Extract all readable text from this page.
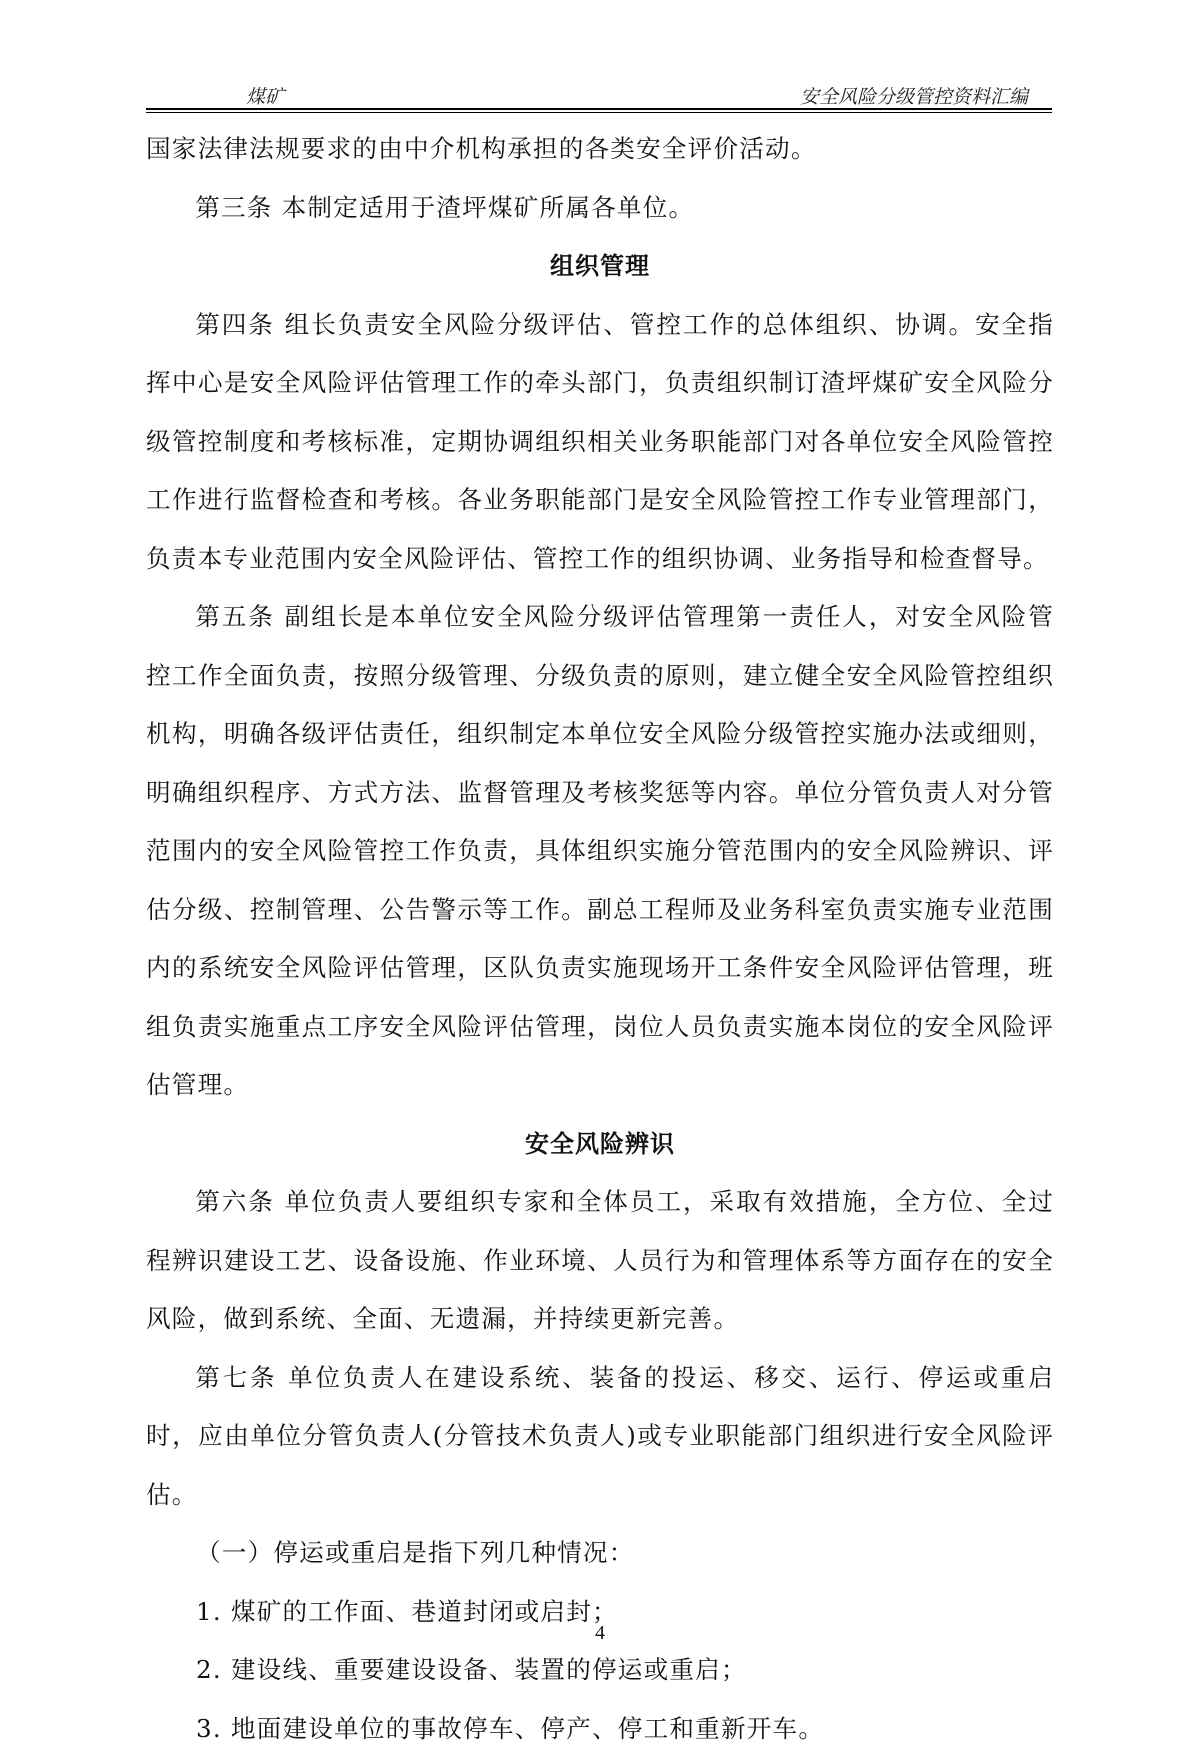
煤矿	安全风险分级管控资料汇编

国家法律法规要求的由中介机构承担的各类安全评价活动。

第三条 本制定适用于渣坪煤矿所属各单位。

组织管理

第四条 组长负责安全风险分级评估、管控工作的总体组织、协调。安全指挥中心是安全风险评估管理工作的牵头部门，负责组织制订渣坪煤矿安全风险分级管控制度和考核标准，定期协调组织相关业务职能部门对各单位安全风险管控工作进行监督检查和考核。各业务职能部门是安全风险管控工作专业管理部门，负责本专业范围内安全风险评估、管控工作的组织协调、业务指导和检查督导。

第五条 副组长是本单位安全风险分级评估管理第一责任人，对安全风险管控工作全面负责，按照分级管理、分级负责的原则，建立健全安全风险管控组织机构，明确各级评估责任，组织制定本单位安全风险分级管控实施办法或细则，明确组织程序、方式方法、监督管理及考核奖惩等内容。单位分管负责人对分管范围内的安全风险管控工作负责，具体组织实施分管范围内的安全风险辨识、评估分级、控制管理、公告警示等工作。副总工程师及业务科室负责实施专业范围内的系统安全风险评估管理，区队负责实施现场开工条件安全风险评估管理，班组负责实施重点工序安全风险评估管理，岗位人员负责实施本岗位的安全风险评估管理。

安全风险辨识

第六条 单位负责人要组织专家和全体员工，采取有效措施，全方位、全过程辨识建设工艺、设备设施、作业环境、人员行为和管理体系等方面存在的安全风险，做到系统、全面、无遗漏，并持续更新完善。

第七条 单位负责人在建设系统、装备的投运、移交、运行、停运或重启时，应由单位分管负责人(分管技术负责人)或专业职能部门组织进行安全风险评估。

（一）停运或重启是指下列几种情况：

1. 煤矿的工作面、巷道封闭或启封；

2. 建设线、重要建设设备、装置的停运或重启；

3. 地面建设单位的事故停车、停产、停工和重新开车。

4
